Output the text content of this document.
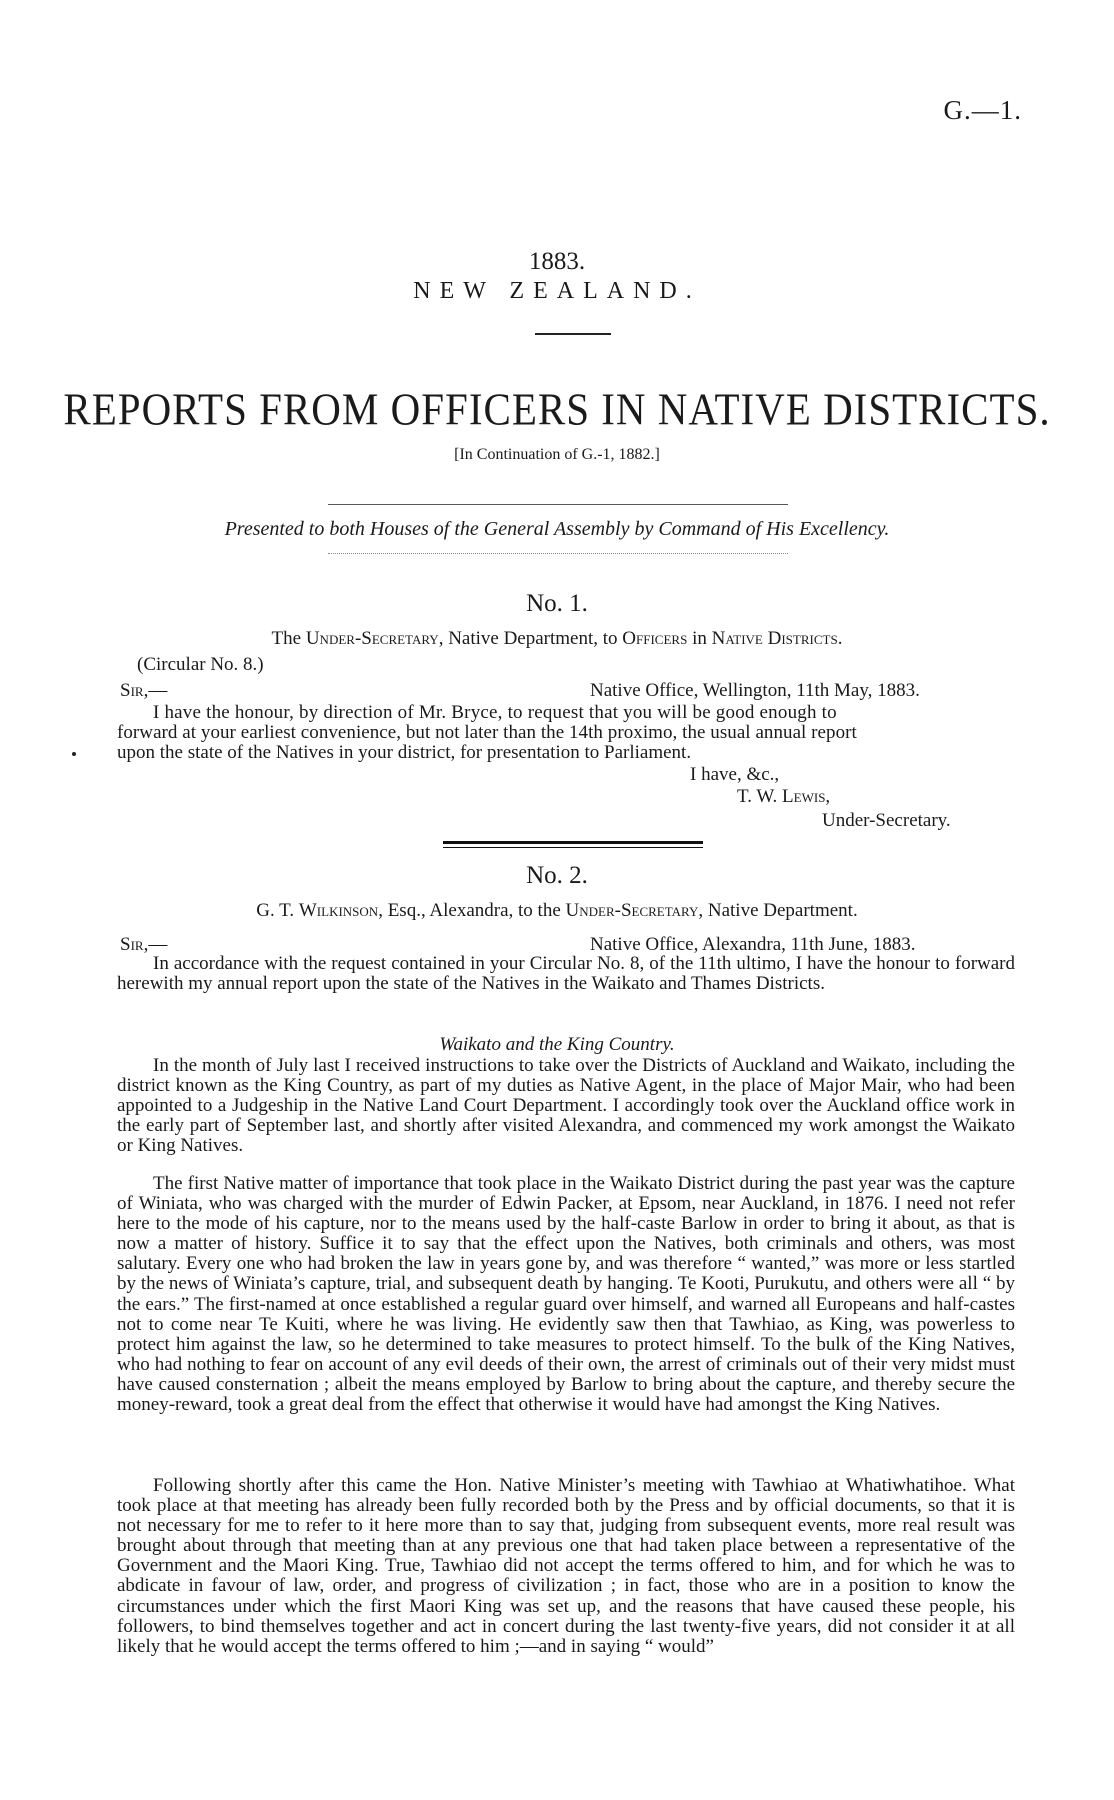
G.—1.
1883.
NEW ZEALAND.
REPORTS FROM OFFICERS IN NATIVE DISTRICTS.
[In Continuation of G.-1, 1882.]
Presented to both Houses of the General Assembly by Command of His Excellency.
No. 1.
The Under-Secretary, Native Department, to Officers in Native Districts.
(Circular No. 8.)
Sir,—	Native Office, Wellington, 11th May, 1883.
I have the honour, by direction of Mr. Bryce, to request that you will be good enough to
forward at your earliest convenience, but not later than the 14th proximo, the usual annual report
upon the state of the Natives in your district, for presentation to Parliament.
I have, &c.,
T. W. Lewis,
Under-Secretary.
No. 2.
G. T. Wilkinson, Esq., Alexandra, to the Under-Secretary, Native Department.
Sir,—	Native Office, Alexandra, 11th June, 1883.

In accordance with the request contained in your Circular No. 8, of the 11th ultimo, I have the honour to forward herewith my annual report upon the state of the Natives in the Waikato and Thames Districts.

Waikato and the King Country.

In the month of July last I received instructions to take over the Districts of Auckland and Waikato, including the district known as the King Country, as part of my duties as Native Agent, in the place of Major Mair, who had been appointed to a Judgeship in the Native Land Court Department. I accordingly took over the Auckland office work in the early part of September last, and shortly after visited Alexandra, and commenced my work amongst the Waikato or King Natives.

The first Native matter of importance that took place in the Waikato District during the past year was the capture of Winiata, who was charged with the murder of Edwin Packer, at Epsom, near Auckland, in 1876. I need not refer here to the mode of his capture, nor to the means used by the half-caste Barlow in order to bring it about, as that is now a matter of history. Suffice it to say that the effect upon the Natives, both criminals and others, was most salutary. Every one who had broken the law in years gone by, and was therefore “ wanted,” was more or less startled by the news of Winiata’s capture, trial, and subsequent death by hanging. Te Kooti, Purukutu, and others were all “ by the ears.” The first-named at once established a regular guard over himself, and warned all Europeans and half-castes not to come near Te Kuiti, where he was living. He evidently saw then that Tawhiao, as King, was powerless to protect him against the law, so he determined to take measures to protect himself. To the bulk of the King Natives, who had nothing to fear on account of any evil deeds of their own, the arrest of criminals out of their very midst must have caused consternation ; albeit the means employed by Barlow to bring about the capture, and thereby secure the money-reward, took a great deal from the effect that otherwise it would have had amongst the King Natives.

Following shortly after this came the Hon. Native Minister’s meeting with Tawhiao at Whatiwhatihoe. What took place at that meeting has already been fully recorded both by the Press and by official documents, so that it is not necessary for me to refer to it here more than to say that, judging from subsequent events, more real result was brought about through that meeting than at any previous one that had taken place between a representative of the Government and the Maori King. True, Tawhiao did not accept the terms offered to him, and for which he was to abdicate in favour of law, order, and progress of civilization ; in fact, those who are in a position to know the circumstances under which the first Maori King was set up, and the reasons that have caused these people, his followers, to bind themselves together and act in concert during the last twenty-five years, did not consider it at all likely that he would accept the terms offered to him ;—and in saying “ would”
